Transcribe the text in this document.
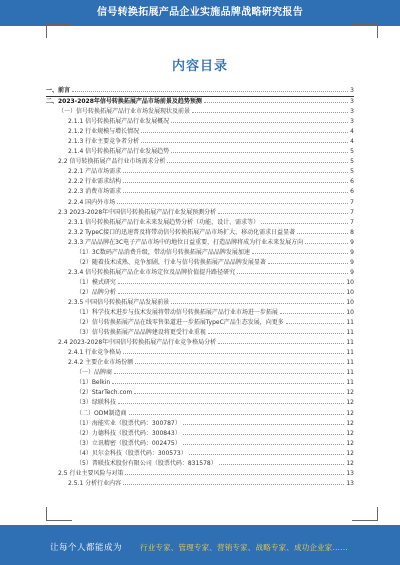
信号转换拓展产品企业实施品牌战略研究报告
内容目录
一、前言	3
二、2023-2028年信号转换拓展产品市场前景及趋势预测	3
（一）信号转换拓展产品行业市场发展现状及前景	3
2.1.1 信号转换拓展产品行业发展概况	3
2.1.2 行业规模与增长情况	4
2.1.3 行业主要竞争者分析	4
2.1.4 信号转换拓展产品行业发展趋势	5
2.2 信号转换拓展产品行业市场需求分析	5
2.2.1 产品市场需求	5
2.2.2 行业需求结构	6
2.2.3 消费市场需求	6
2.2.4 国内外市场	7
2.3 2023-2028年中国信号转换拓展产品行业发展预测分析	7
2.3.1 信号转换拓展产品行业未来发展趋势分析（功能、设计、需求等）	7
2.3.2 TypeC接口的迅速普及将带动信号转换拓展产品市场扩大，移动化需求日益显著	8
2.3.3 产品品牌在3C电子产品市场中的地位日益重要，打造品牌将成为行业未来发展方向	9
（1）3C数码产品消费升级，带动信号转换拓展产品品牌发展加速	9
（2）随着技术成熟、竞争加剧，行业与信号转换拓展产品品牌发展显著	9
2.3.4 信号转换拓展产品企业市场定位及品牌价值提升路径研究	9
（1）模式研究	10
（2）品牌分析	10
2.3.5 中国信号转换拓展产品发展前景	10
（1）科学技术进步与技术发展将带动信号转换拓展产品行业市场进一步拓展	10
（2）信号转换拓展产品在线零售渠道进一步拓展TypeC产品生态发展，向更多	11
（3）信号转换拓展产品品牌建设将更受行业重视	11
2.4 2023-2028年中国信号转换拓展产品行业竞争格局分析	11
2.4.1 行业竞争格局	11
2.4.2 主要企业市场份额	11
（一）品牌商	11
（1）Belkin	11
（2）StarTech.com	12
（3）绿联科技	12
（二）ODM制造商	12
（1）海能实业（股票代码：300787）	12
（2）力德科技（股票代码：300843）	12
（3）立讯精密（股票代码：002475）	12
（4）贝尔金科技（股票代码：300573）	12
（5）普联技术股份有限公司（股票代码：831578）	12
2.5 行业主要风险与对策	13
2.5.1 分析行业内容	13
让每个人都能成为 行业专家、管理专家、营销专家、战略专家、成功企业家……
